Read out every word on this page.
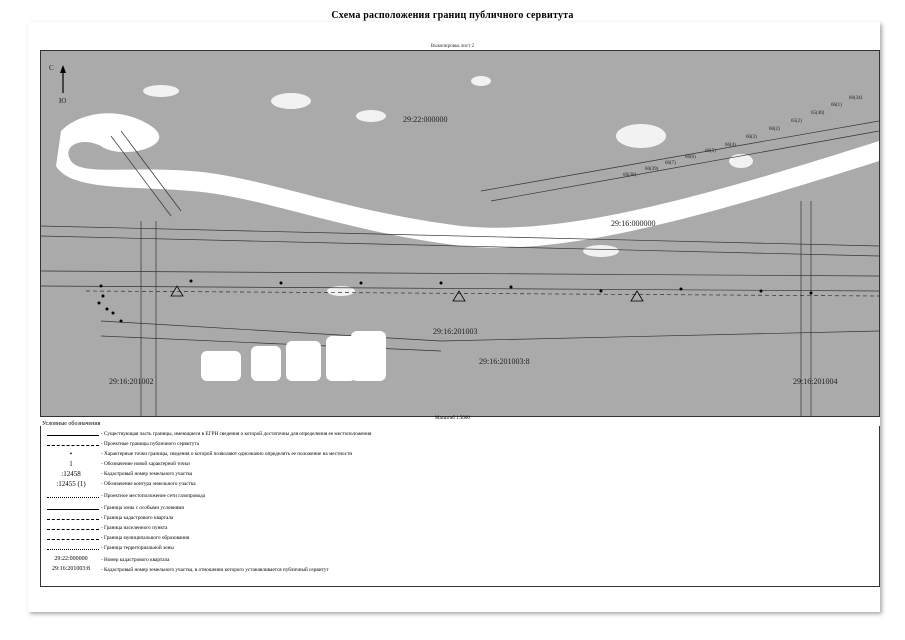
Схема расположения границ публичного сервитута
Выкопировка лист 2
С
Ю
29:22:000000
29:16:000000
29:16:201003
29:16:201003:8
29:16:201002	29:16:201004
66(34)
66(1)
65(40)
65(2)
66(2)
66(3)
66(4)
66(5)
66(6)
66(7)
66(39)
66(38)
Масштаб 1:5000
Условные обозначения
- Существующая часть границы, имеющиеся в ЕГРН сведения о которой достаточны для определения ее местоположения
- Проектные границы публичного сервитута
•	- Характерные точки границы, сведения о которой позволяют однозначно определить ее положение на местности
1	- Обозначение новой характерной точки
:12458	- Кадастровый номер земельного участка
:12455 (1)	- Обозначение контура земельного участка
- Проектное местоположение сети газопровода
- Граница зоны с особыми условиями
- Граница кадастрового квартала
- Граница населенного пункта
- Граница муниципального образования
- Граница территориальной зоны
29:22:000000	- Номер кадастрового квартала
29:16:201003:8	- Кадастровый номер земельного участка, в отношении которого устанавливается публичный сервитут
